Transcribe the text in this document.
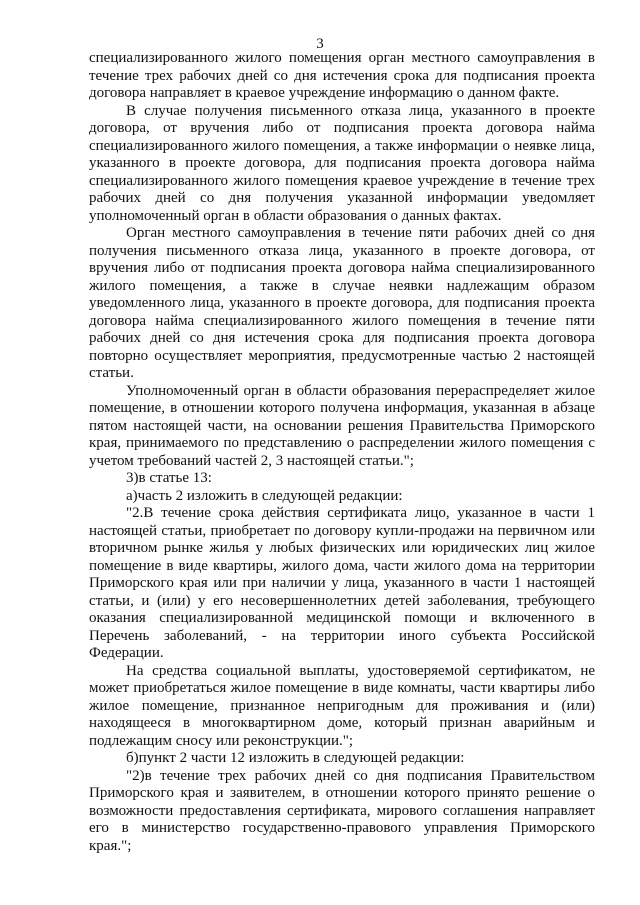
3

специализированного жилого помещения орган местного самоуправления в течение трех рабочих дней со дня истечения срока для подписания проекта договора направляет в краевое учреждение информацию о данном факте.

В случае получения письменного отказа лица, указанного в проекте договора, от вручения либо от подписания проекта договора найма специализированного жилого помещения, а также информации о неявке лица, указанного в проекте договора, для подписания проекта договора найма специализированного жилого помещения краевое учреждение в течение трех рабочих дней со дня получения указанной информации уведомляет уполномоченный орган в области образования о данных фактах.

Орган местного самоуправления в течение пяти рабочих дней со дня получения письменного отказа лица, указанного в проекте договора, от вручения либо от подписания проекта договора найма специализированного жилого помещения, а также в случае неявки надлежащим образом уведомленного лица, указанного в проекте договора, для подписания проекта договора найма специализированного жилого помещения в течение пяти рабочих дней со дня истечения срока для подписания проекта договора повторно осуществляет мероприятия, предусмотренные частью 2 настоящей статьи.

Уполномоченный орган в области образования перераспределяет жилое помещение, в отношении которого получена информация, указанная в абзаце пятом настоящей части, на основании решения Правительства Приморского края, принимаемого по представлению о распределении жилого помещения с учетом требований частей 2, 3 настоящей статьи.";

3)в статье 13:

а)часть 2 изложить в следующей редакции:

"2.В течение срока действия сертификата лицо, указанное в части 1 настоящей статьи, приобретает по договору купли-продажи на первичном или вторичном рынке жилья у любых физических или юридических лиц жилое помещение в виде квартиры, жилого дома, части жилого дома на территории Приморского края или при наличии у лица, указанного в части 1 настоящей статьи, и (или) у его несовершеннолетних детей заболевания, требующего оказания специализированной медицинской помощи и включенного в Перечень заболеваний, - на территории иного субъекта Российской Федерации.

На средства социальной выплаты, удостоверяемой сертификатом, не может приобретаться жилое помещение в виде комнаты, части квартиры либо жилое помещение, признанное непригодным для проживания и (или) находящееся в многоквартирном доме, который признан аварийным и подлежащим сносу или реконструкции.";

б)пункт 2 части 12 изложить в следующей редакции:

"2)в течение трех рабочих дней со дня подписания Правительством Приморского края и заявителем, в отношении которого принято решение о возможности предоставления сертификата, мирового соглашения направляет его в министерство государственно-правового управления Приморского края.";
